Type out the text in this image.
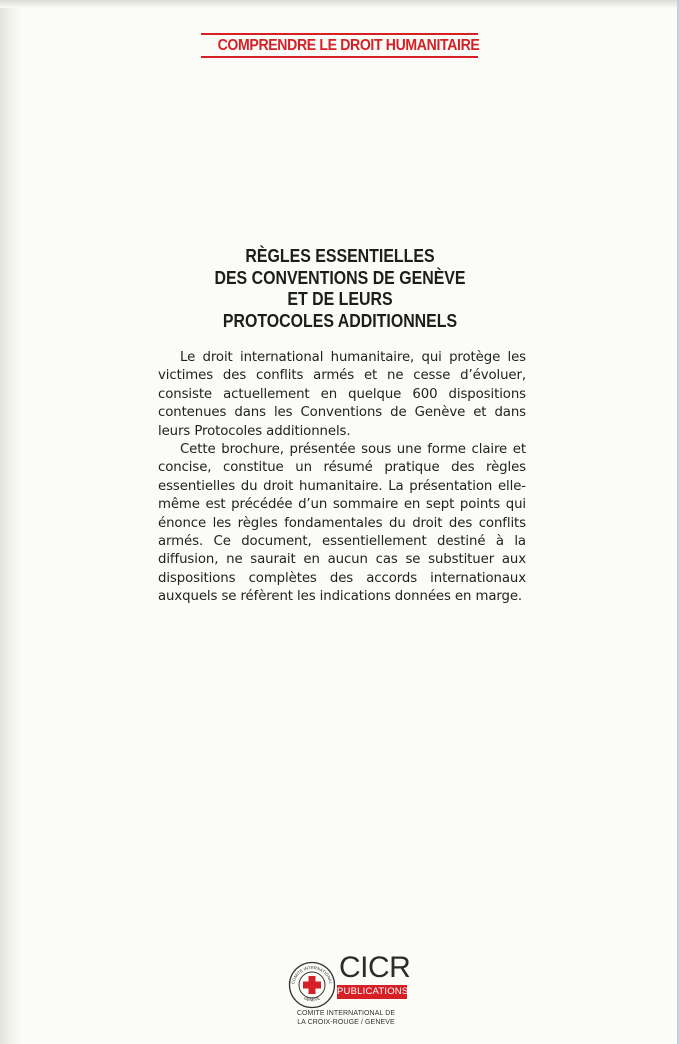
COMPRENDRE LE DROIT HUMANITAIRE
RÈGLES ESSENTIELLES
DES CONVENTIONS DE GENÈVE
ET DE LEURS
PROTOCOLES ADDITIONNELS

Le droit international humanitaire, qui protège les victimes des conflits armés et ne cesse d’évoluer, consiste actuellement en quelque 600 dispositions contenues dans les Conventions de Genève et dans leurs Protocoles additionnels.

Cette brochure, présentée sous une forme claire et concise, constitue un résumé pratique des règles essentielles du droit humanitaire. La présentation elle-même est précédée d’un sommaire en sept points qui énonce les règles fondamentales du droit des conflits armés. Ce document, essentiellement destiné à la diffusion, ne saurait en aucun cas se substituer aux dispositions complètes des accords internationaux auxquels se réfèrent les indications données en marge.

COMITE INTERNATIONAL
GENEVE
CICR
PUBLICATIONS
COMITE INTERNATIONAL DE
LA CROIX-ROUGE / GENEVE
